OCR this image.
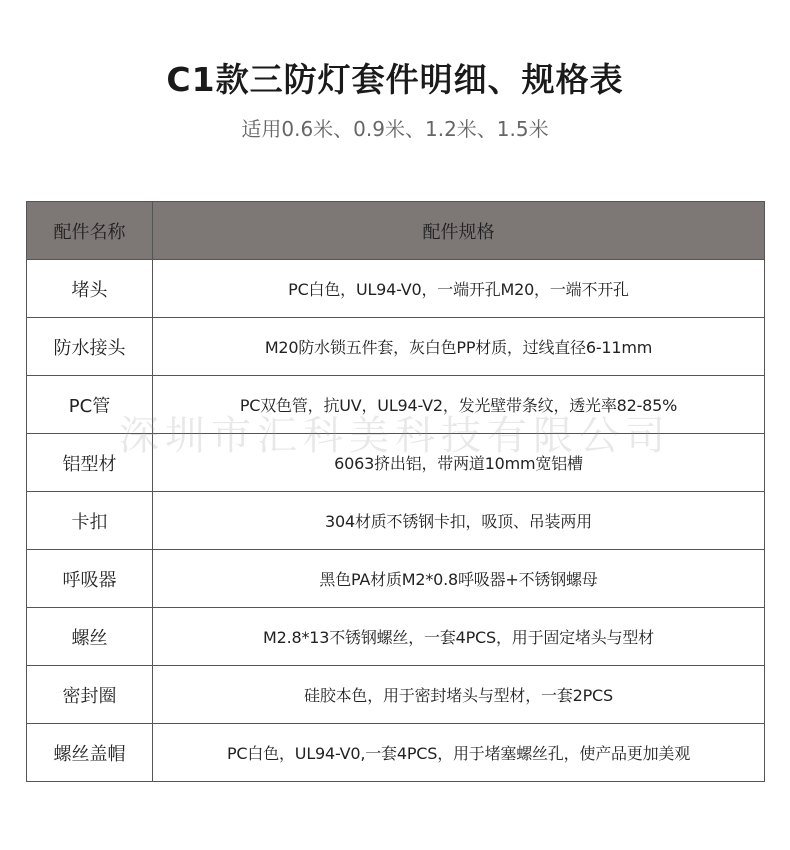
C1款三防灯套件明细、规格表
适用0.6米、0.9米、1.2米、1.5米
配件名称	配件规格
堵头	PC白色，UL94-V0，一端开孔M20，一端不开孔
防水接头	M20防水锁五件套，灰白色PP材质，过线直径6-11mm
PC管	PC双色管，抗UV，UL94-V2，发光壁带条纹，透光率82-85%
铝型材	6063挤出铝，带两道10mm宽铝槽
卡扣	304材质不锈钢卡扣，吸顶、吊装两用
呼吸器	黑色PA材质M2*0.8呼吸器+不锈钢螺母
螺丝	M2.8*13不锈钢螺丝，一套4PCS，用于固定堵头与型材
密封圈	硅胶本色，用于密封堵头与型材，一套2PCS
螺丝盖帽	PC白色，UL94-V0,一套4PCS，用于堵塞螺丝孔，使产品更加美观
深圳市汇科美科技有限公司
